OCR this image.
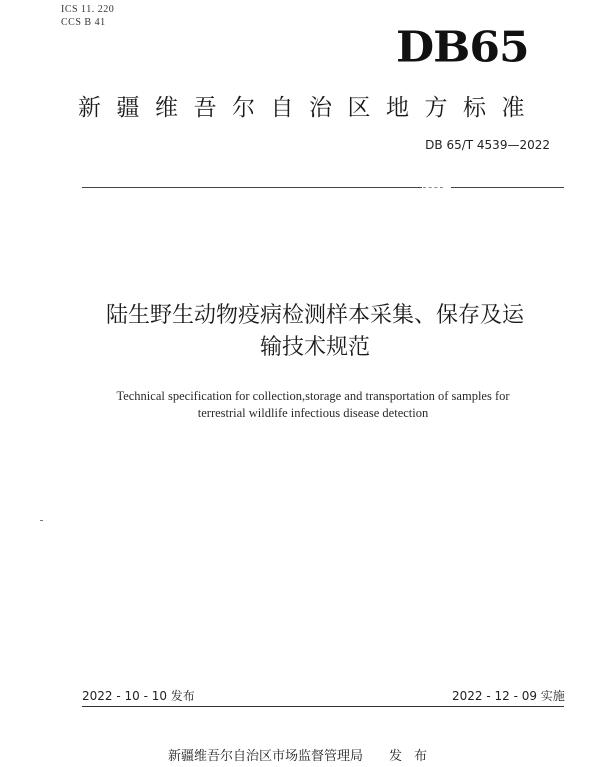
ICS 11. 220
CCS B 41
DB65
新疆维吾尔自治区地方标准
DB 65/T 4539—2022
陆生野生动物疫病检测样本采集、保存及运
输技术规范
Technical specification for collection,storage and transportation of samples for
terrestrial wildlife infectious disease detection
2022 - 10 - 10 发布	2022 - 12 - 09 实施
新疆维吾尔自治区市场监督管理局 发布
